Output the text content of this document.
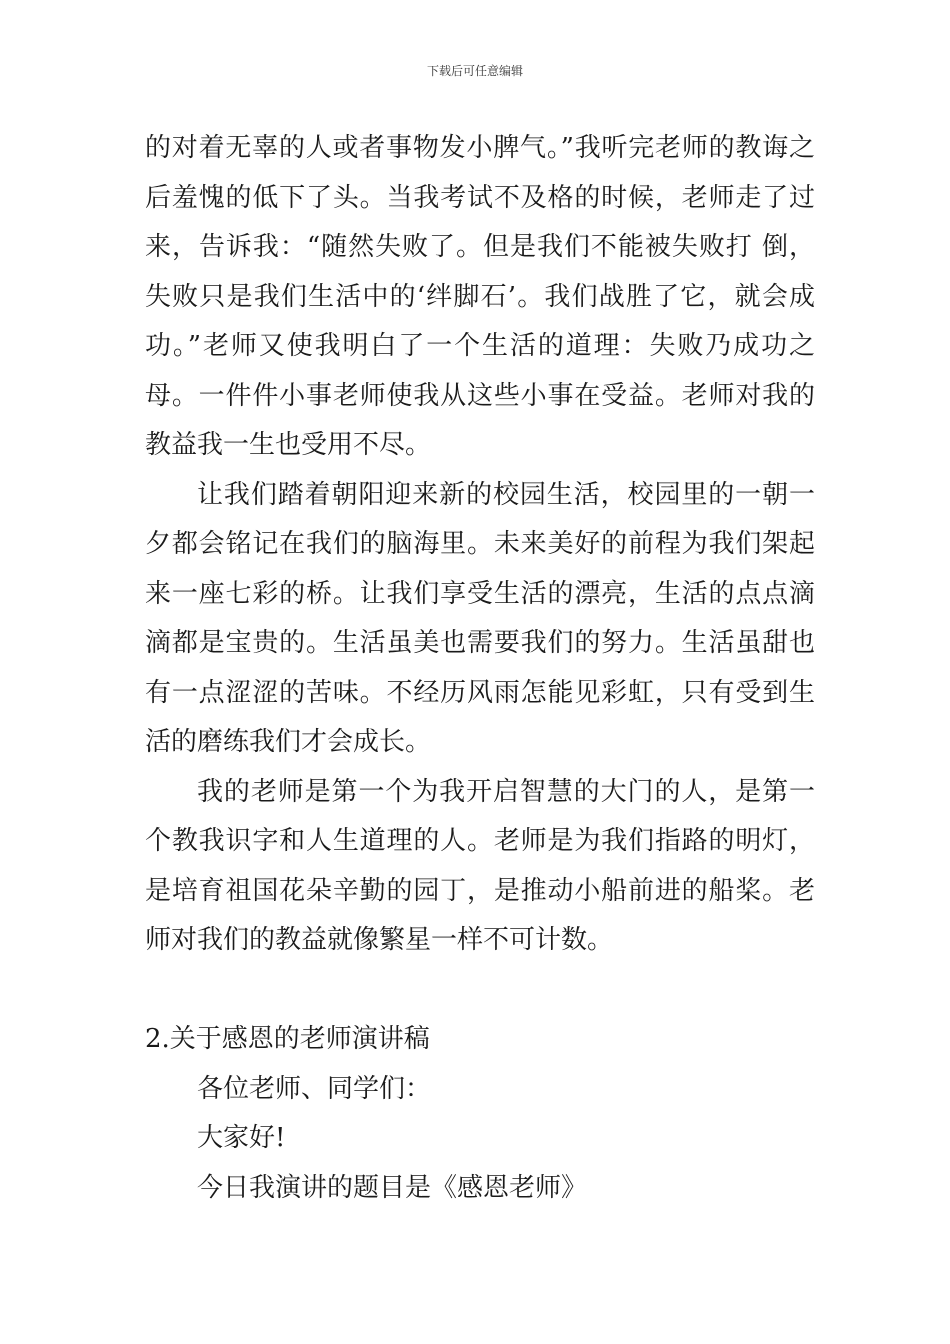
下载后可任意编辑

的对着无辜的人或者事物发小脾气。”我听完老师的教诲之后羞愧的低下了头。当我考试不及格的时候，老师走了过来，告诉我：“随然失败了。但是我们不能被失败打 倒，失败只是我们生活中的‘绊脚石’。我们战胜了它，就会成功。”老师又使我明白了一个生活的道理：失败乃成功之母。一件件小事老师使我从这些小事在受益。老师对我的教益我一生也受用不尽。

让我们踏着朝阳迎来新的校园生活，校园里的一朝一夕都会铭记在我们的脑海里。未来美好的前程为我们架起来一座七彩的桥。让我们享受生活的漂亮，生活的点点滴滴都是宝贵的。生活虽美也需要我们的努力。生活虽甜也有一点涩涩的苦味。不经历风雨怎能见彩虹，只有受到生活的磨练我们才会成长。

我的老师是第一个为我开启智慧的大门的人，是第一个教我识字和人生道理的人。老师是为我们指路的明灯，是培育祖国花朵辛勤的园丁，是推动小船前进的船桨。老师对我们的教益就像繁星一样不可计数。

2.关于感恩的老师演讲稿

各位老师、同学们：

大家好!

今日我演讲的题目是《感恩老师》
